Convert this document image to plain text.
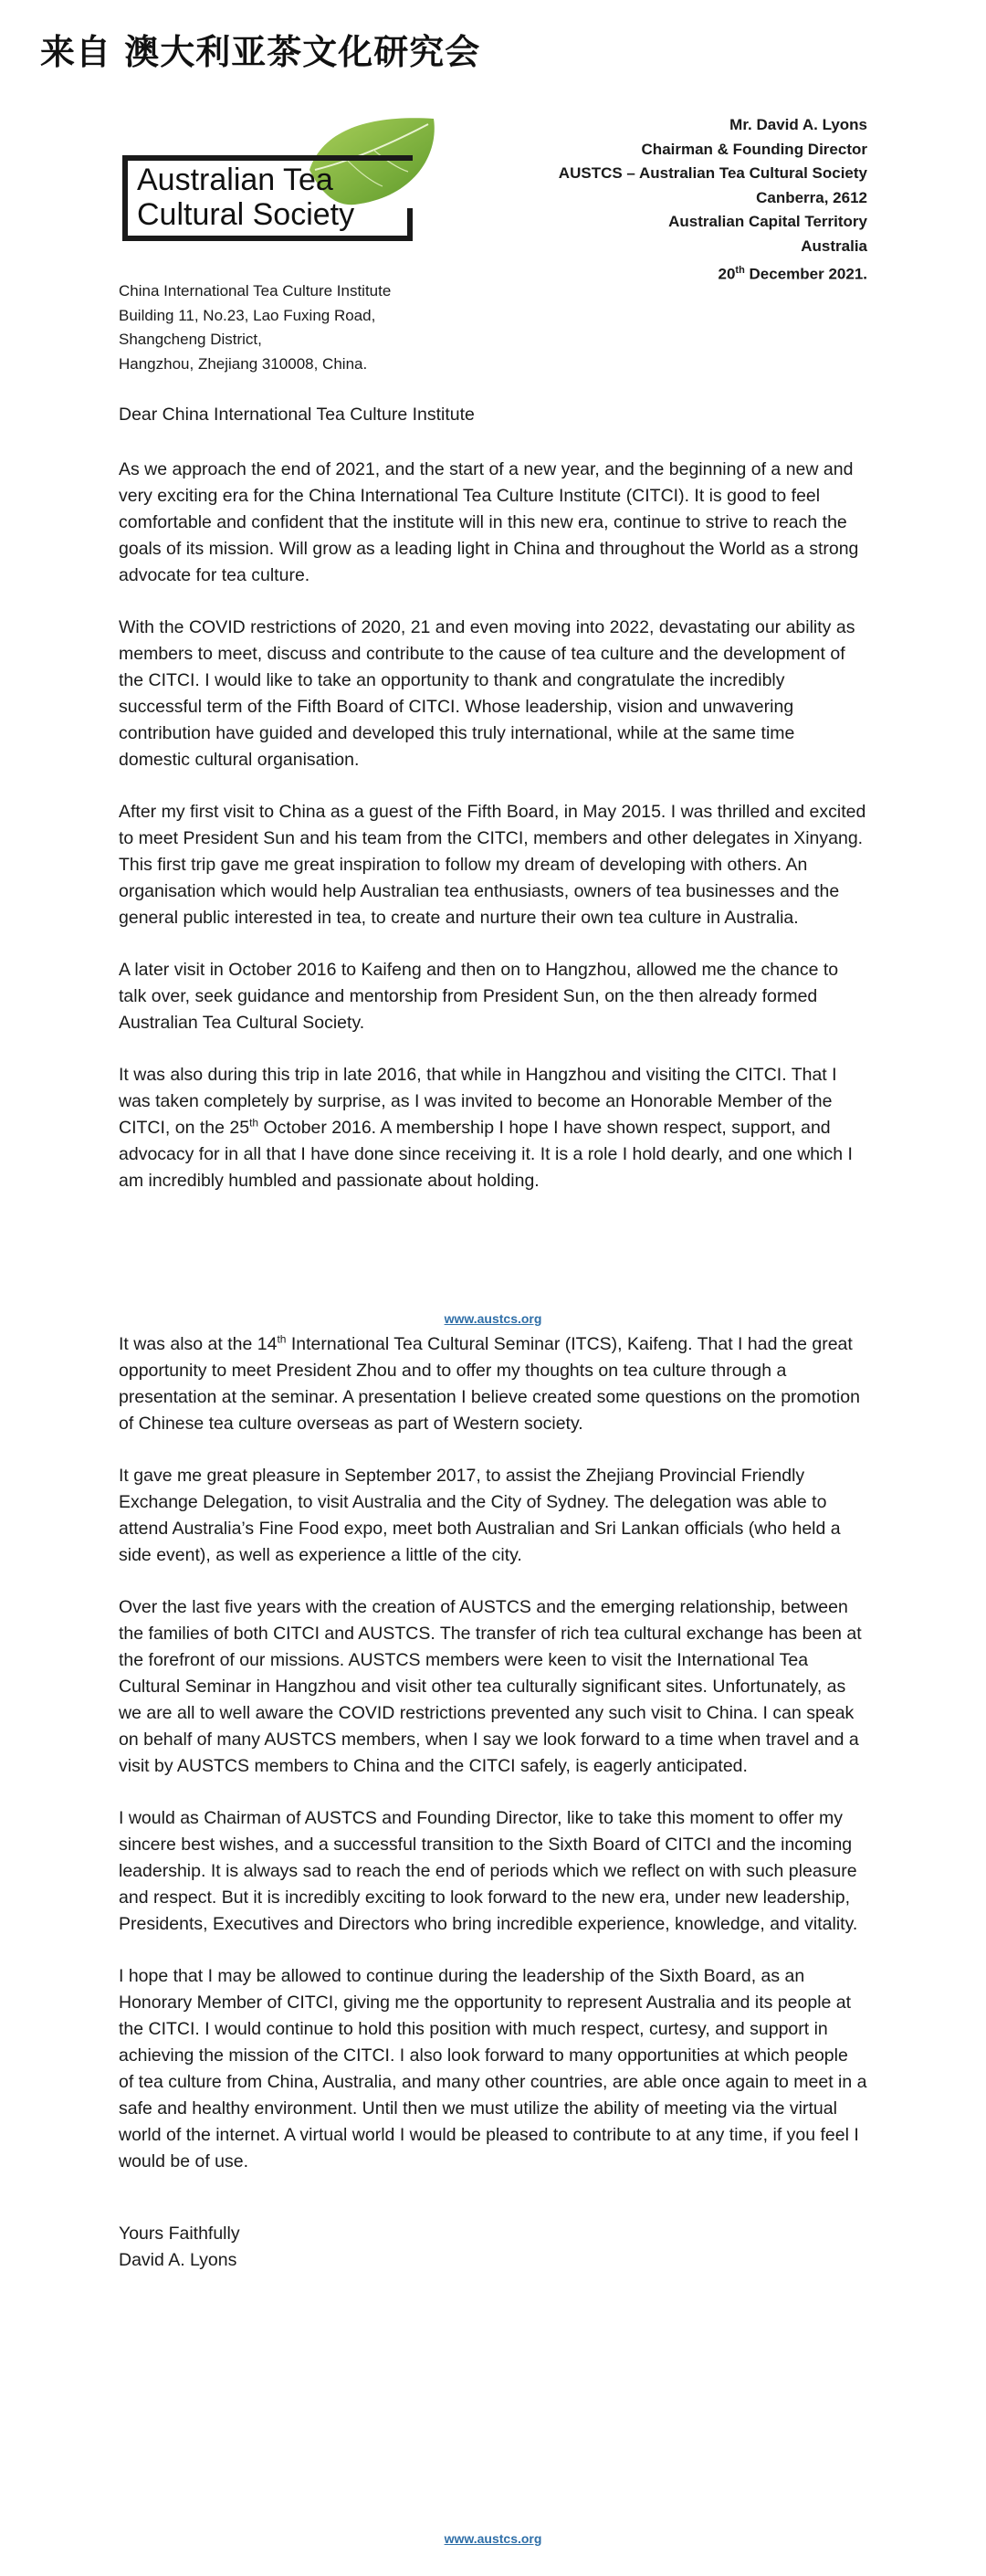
来自 澳大利亚茶文化研究会
Australian Tea
Cultural Society
Mr. David A. Lyons
Chairman & Founding Director
AUSTCS – Australian Tea Cultural Society
Canberra, 2612
Australian Capital Territory
Australia
20th December 2021.
China International Tea Culture Institute
Building 11, No.23, Lao Fuxing Road,
Shangcheng District,
Hangzhou, Zhejiang 310008, China.
Dear China International Tea Culture Institute

As we approach the end of 2021, and the start of a new year, and the beginning of a new and very exciting era for the China International Tea Culture Institute (CITCI). It is good to feel comfortable and confident that the institute will in this new era, continue to strive to reach the goals of its mission. Will grow as a leading light in China and throughout the World as a strong advocate for tea culture.

With the COVID restrictions of 2020, 21 and even moving into 2022, devastating our ability as members to meet, discuss and contribute to the cause of tea culture and the development of the CITCI. I would like to take an opportunity to thank and congratulate the incredibly successful term of the Fifth Board of CITCI. Whose leadership, vision and unwavering contribution have guided and developed this truly international, while at the same time domestic cultural organisation.

After my first visit to China as a guest of the Fifth Board, in May 2015. I was thrilled and excited to meet President Sun and his team from the CITCI, members and other delegates in Xinyang. This first trip gave me great inspiration to follow my dream of developing with others. An organisation which would help Australian tea enthusiasts, owners of tea businesses and the general public interested in tea, to create and nurture their own tea culture in Australia.

A later visit in October 2016 to Kaifeng and then on to Hangzhou, allowed me the chance to talk over, seek guidance and mentorship from President Sun, on the then already formed Australian Tea Cultural Society.

It was also during this trip in late 2016, that while in Hangzhou and visiting the CITCI. That I was taken completely by surprise, as I was invited to become an Honorable Member of the CITCI, on the 25th October 2016. A membership I hope I have shown respect, support, and advocacy for in all that I have done since receiving it. It is a role I hold dearly, and one which I am incredibly humbled and passionate about holding.

www.austcs.org

It was also at the 14th International Tea Cultural Seminar (ITCS), Kaifeng. That I had the great opportunity to meet President Zhou and to offer my thoughts on tea culture through a presentation at the seminar. A presentation I believe created some questions on the promotion of Chinese tea culture overseas as part of Western society.

It gave me great pleasure in September 2017, to assist the Zhejiang Provincial Friendly Exchange Delegation, to visit Australia and the City of Sydney. The delegation was able to attend Australia’s Fine Food expo, meet both Australian and Sri Lankan officials (who held a side event), as well as experience a little of the city.

Over the last five years with the creation of AUSTCS and the emerging relationship, between the families of both CITCI and AUSTCS. The transfer of rich tea cultural exchange has been at the forefront of our missions. AUSTCS members were keen to visit the International Tea Cultural Seminar in Hangzhou and visit other tea culturally significant sites. Unfortunately, as we are all to well aware the COVID restrictions prevented any such visit to China. I can speak on behalf of many AUSTCS members, when I say we look forward to a time when travel and a visit by AUSTCS members to China and the CITCI safely, is eagerly anticipated.

I would as Chairman of AUSTCS and Founding Director, like to take this moment to offer my sincere best wishes, and a successful transition to the Sixth Board of CITCI and the incoming leadership. It is always sad to reach the end of periods which we reflect on with such pleasure and respect. But it is incredibly exciting to look forward to the new era, under new leadership, Presidents, Executives and Directors who bring incredible experience, knowledge, and vitality.

I hope that I may be allowed to continue during the leadership of the Sixth Board, as an Honorary Member of CITCI, giving me the opportunity to represent Australia and its people at the CITCI. I would continue to hold this position with much respect, curtesy, and support in achieving the mission of the CITCI. I also look forward to many opportunities at which people of tea culture from China, Australia, and many other countries, are able once again to meet in a safe and healthy environment. Until then we must utilize the ability of meeting via the virtual world of the internet. A virtual world I would be pleased to contribute to at any time, if you feel I would be of use.

Yours Faithfully
David A. Lyons
www.austcs.org
